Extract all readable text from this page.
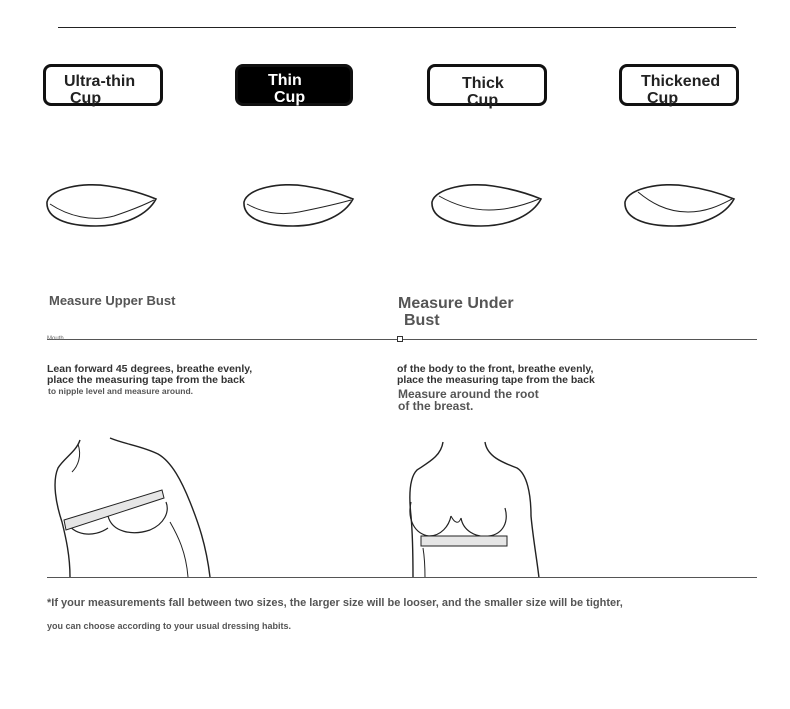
Ultra-thin
Cup
Thin
Cup
Thick
Cup
Thickened
Cup
Measure Upper Bust	Measure Under
Bust
Mouth
Lean forward 45 degrees, breathe evenly,
place the measuring tape from the back
to nipple level and measure around.
of the body to the front, breathe evenly,
place the measuring tape from the back
Measure around the root
of the breast.
*If your measurements fall between two sizes, the larger size will be looser, and the smaller size will be tighter,
you can choose according to your usual dressing habits.
